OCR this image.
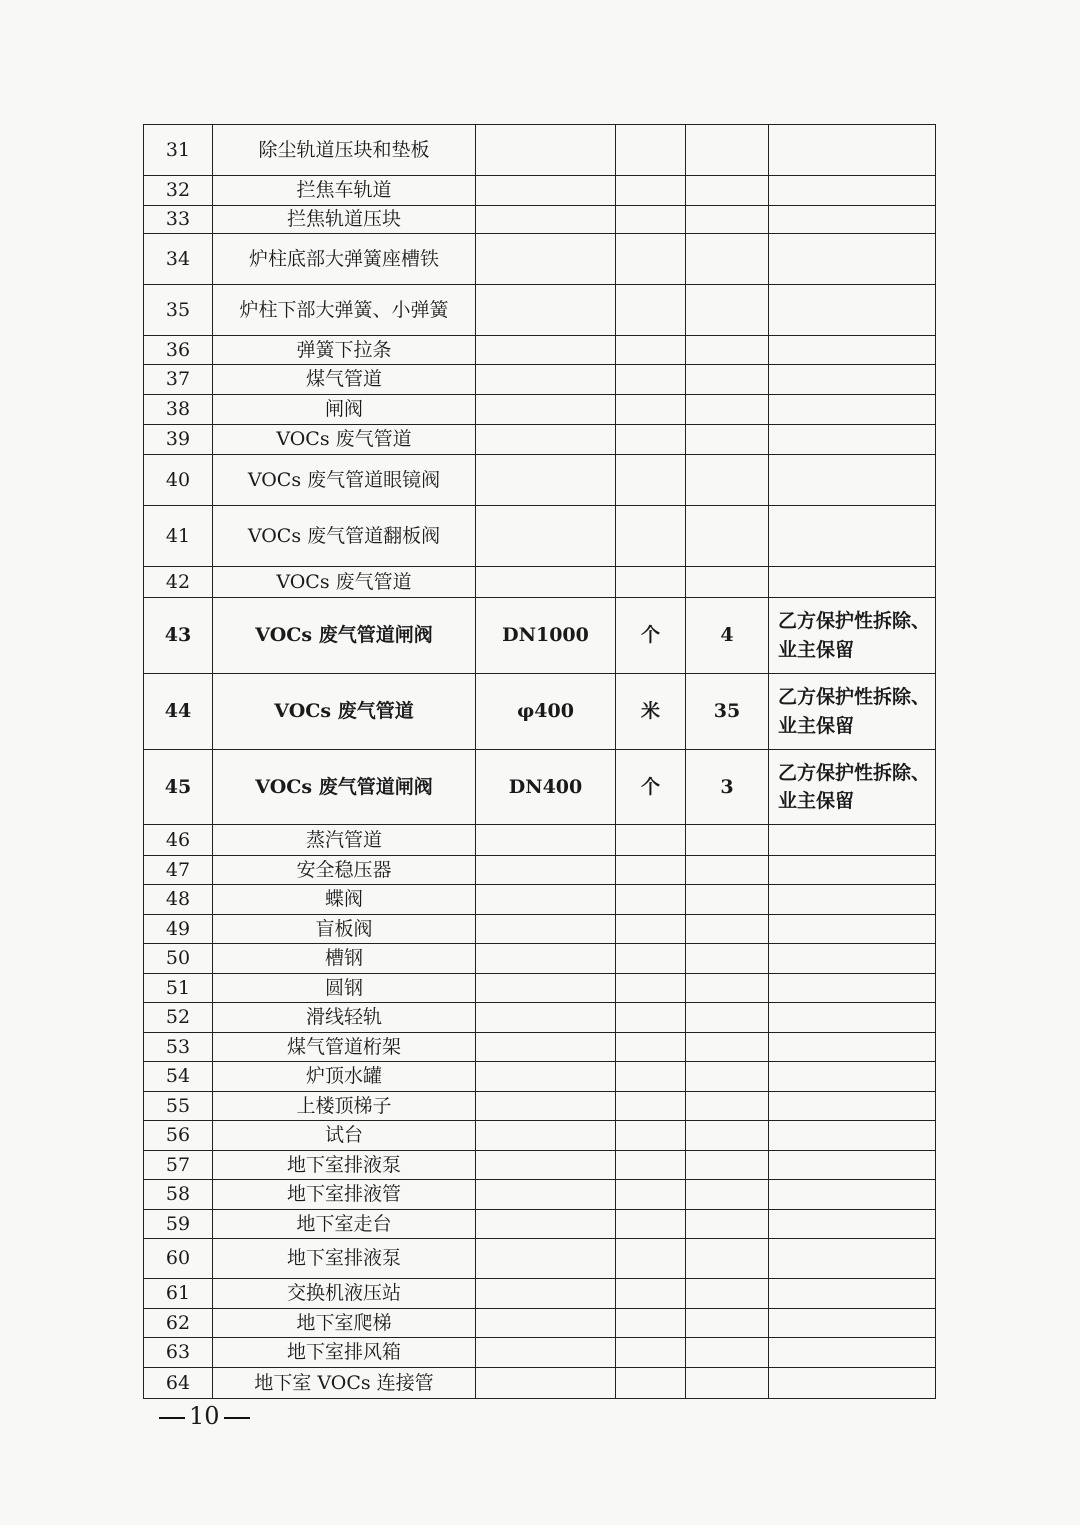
31	除尘轨道压块和垫板				
32	拦焦车轨道				
33	拦焦轨道压块				
34	炉柱底部大弹簧座槽铁				
35	炉柱下部大弹簧、小弹簧				
36	弹簧下拉条				
37	煤气管道				
38	闸阀				
39	VOCs 废气管道				
40	VOCs 废气管道眼镜阀				
41	VOCs 废气管道翻板阀				
42	VOCs 废气管道				
43	VOCs 废气管道闸阀	DN1000	个	4	乙方保护性拆除、业主保留
44	VOCs 废气管道	φ400	米	35	乙方保护性拆除、业主保留
45	VOCs 废气管道闸阀	DN400	个	3	乙方保护性拆除、业主保留
46	蒸汽管道				
47	安全稳压器				
48	蝶阀				
49	盲板阀				
50	槽钢				
51	圆钢				
52	滑线轻轨				
53	煤气管道桁架				
54	炉顶水罐				
55	上楼顶梯子				
56	试台				
57	地下室排液泵				
58	地下室排液管				
59	地下室走台				
60	地下室排液泵				
61	交换机液压站				
62	地下室爬梯				
63	地下室排风箱				
64	地下室 VOCs 连接管				
10
